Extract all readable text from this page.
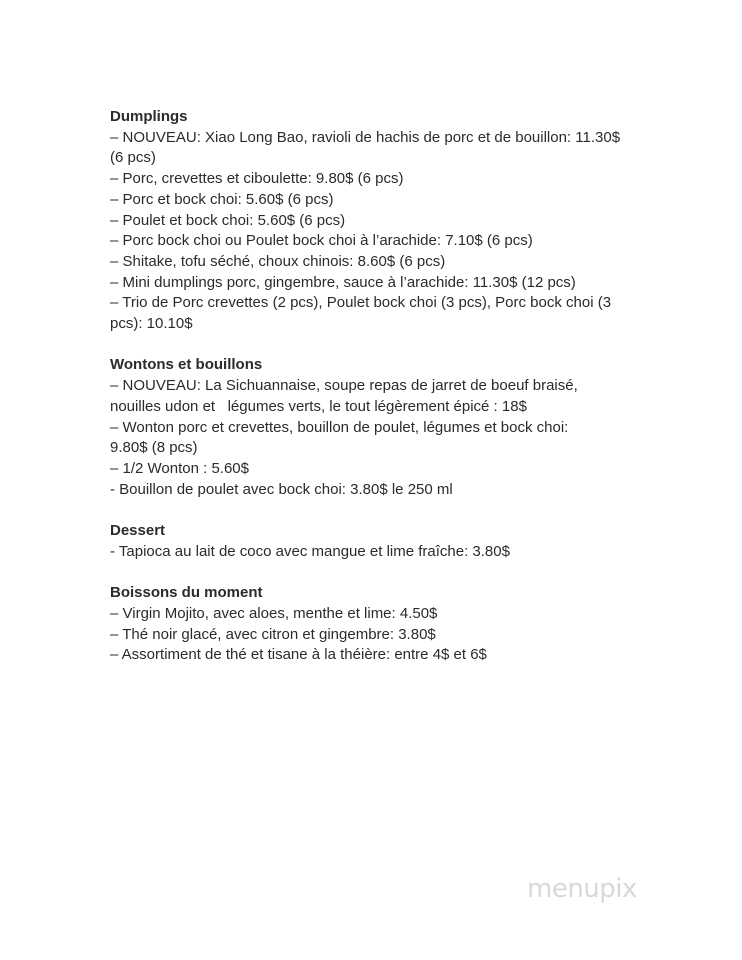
Dumplings
– NOUVEAU: Xiao Long Bao, ravioli de hachis de porc et de bouillon: 11.30$
(6 pcs)
– Porc, crevettes et ciboulette: 9.80$ (6 pcs)
– Porc et bock choi: 5.60$ (6 pcs)
– Poulet et bock choi: 5.60$ (6 pcs)
– Porc bock choi ou Poulet bock choi à l’arachide: 7.10$ (6 pcs)
– Shitake, tofu séché, choux chinois: 8.60$ (6 pcs)
– Mini dumplings porc, gingembre, sauce à l’arachide: 11.30$ (12 pcs)
– Trio de Porc crevettes (2 pcs), Poulet bock choi (3 pcs), Porc bock choi (3
pcs): 10.10$
Wontons et bouillons
– NOUVEAU: La Sichuannaise, soupe repas de jarret de boeuf braisé,
nouilles udon et   légumes verts, le tout légèrement épicé : 18$
– Wonton porc et crevettes, bouillon de poulet, légumes et bock choi:
9.80$ (8 pcs)
– 1/2 Wonton : 5.60$
- Bouillon de poulet avec bock choi: 3.80$ le 250 ml
Dessert
- Tapioca au lait de coco avec mangue et lime fraîche: 3.80$
Boissons du moment
– Virgin Mojito, avec aloes, menthe et lime: 4.50$
– Thé noir glacé, avec citron et gingembre: 3.80$
– Assortiment de thé et tisane à la théière: entre 4$ et 6$
menupix
